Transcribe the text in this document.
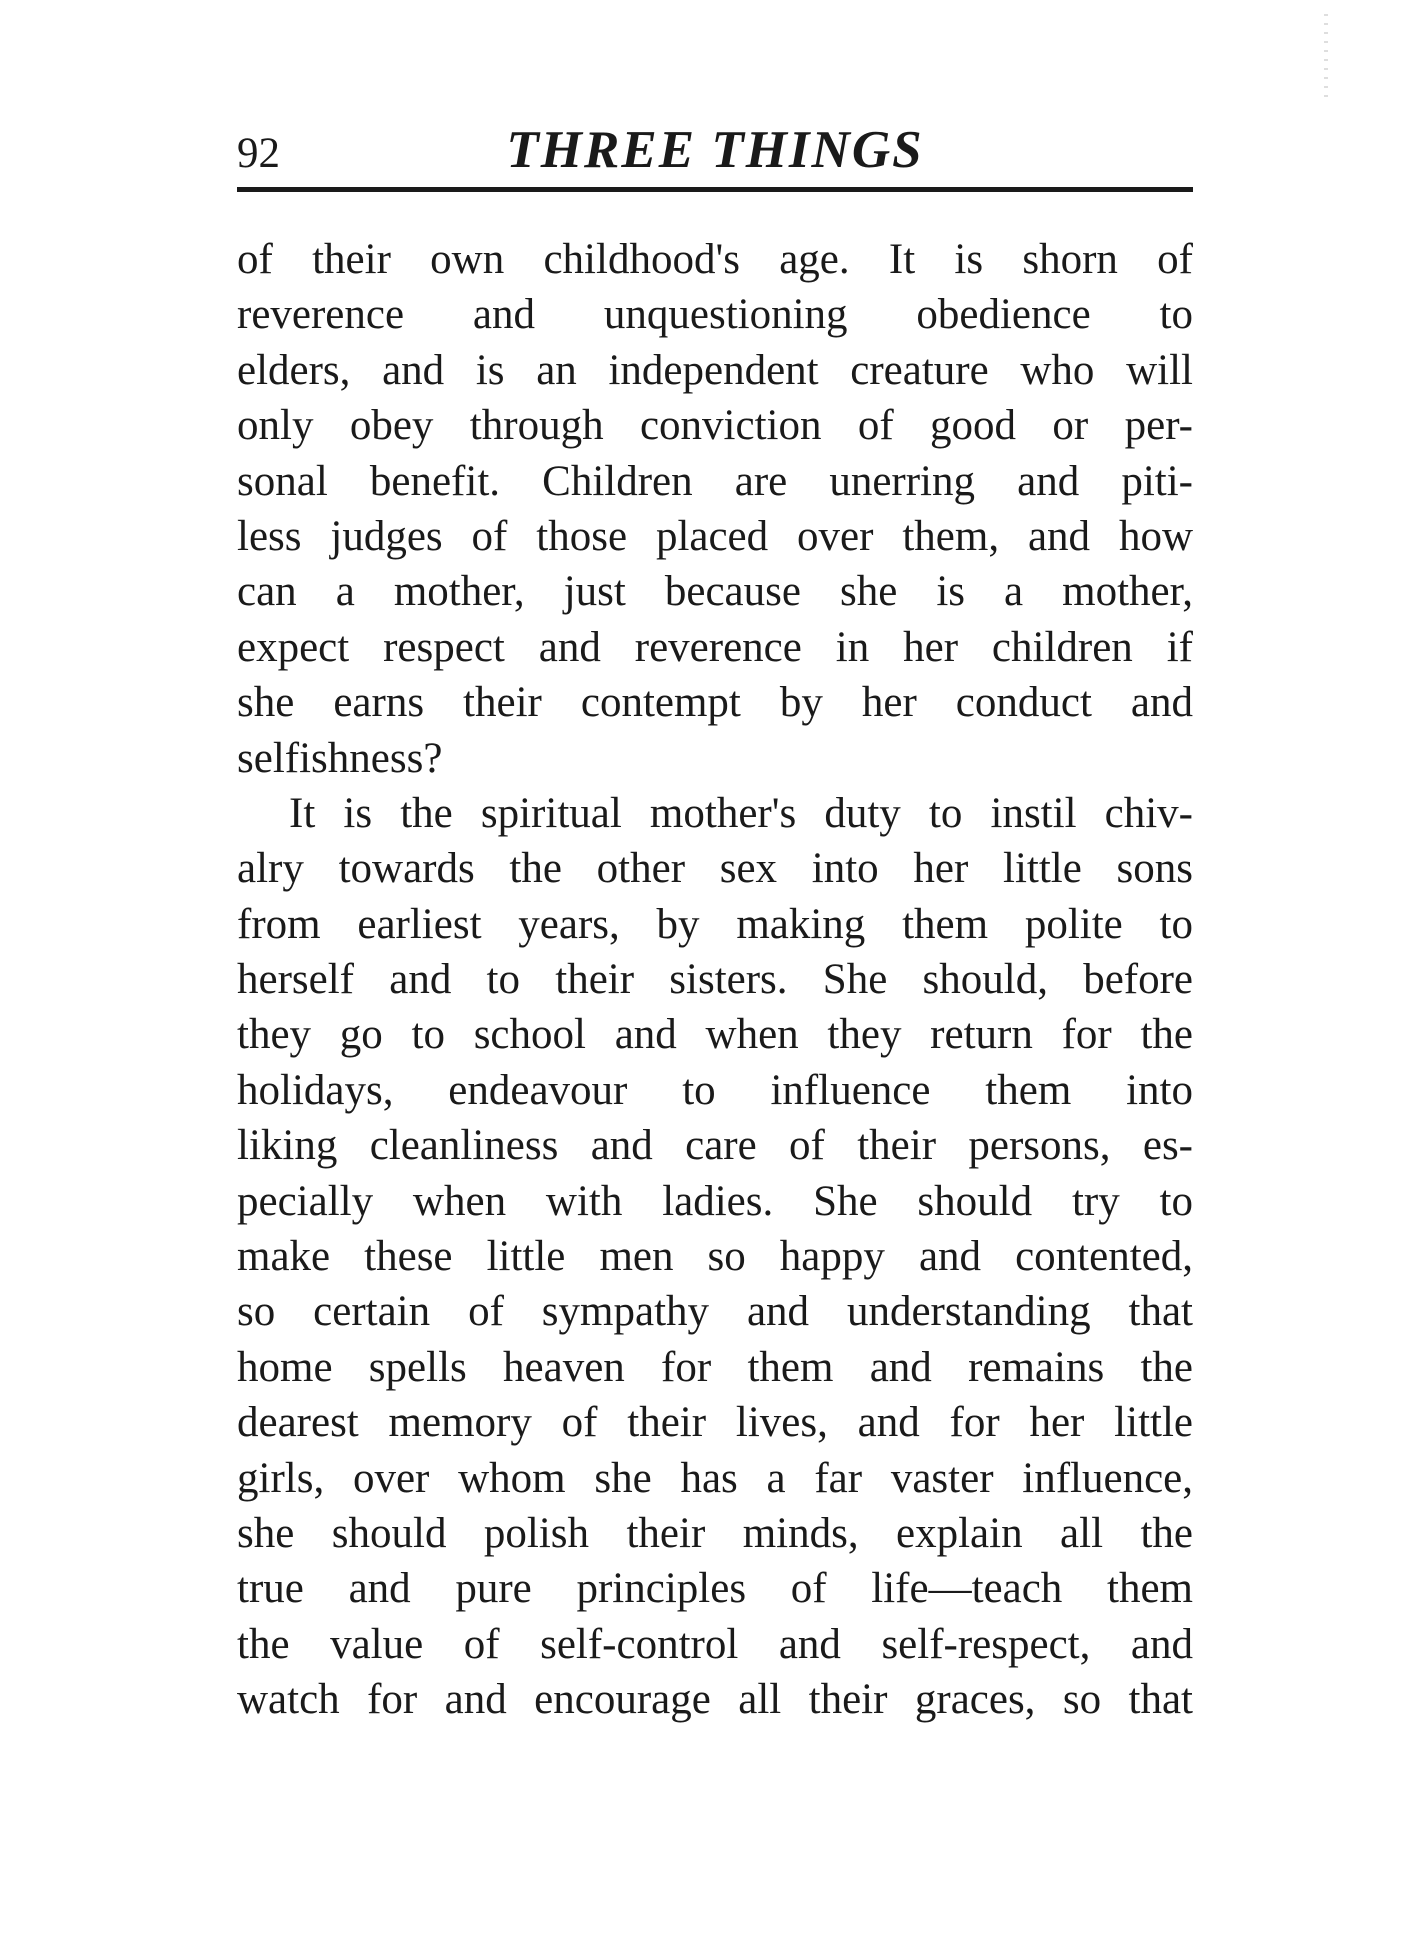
92	THREE THINGS
of their own childhood's age. It is shorn of
reverence and unquestioning obedience to
elders, and is an independent creature who will
only obey through conviction of good or per-
sonal benefit. Children are unerring and piti-
less judges of those placed over them, and how
can a mother, just because she is a mother,
expect respect and reverence in her children if
she earns their contempt by her conduct and
selfishness?
It is the spiritual mother's duty to instil chiv-
alry towards the other sex into her little sons
from earliest years, by making them polite to
herself and to their sisters. She should, before
they go to school and when they return for the
holidays, endeavour to influence them into
liking cleanliness and care of their persons, es-
pecially when with ladies. She should try to
make these little men so happy and contented,
so certain of sympathy and understanding that
home spells heaven for them and remains the
dearest memory of their lives, and for her little
girls, over whom she has a far vaster influence,
she should polish their minds, explain all the
true and pure principles of life—teach them
the value of self-control and self-respect, and
watch for and encourage all their graces, so that
